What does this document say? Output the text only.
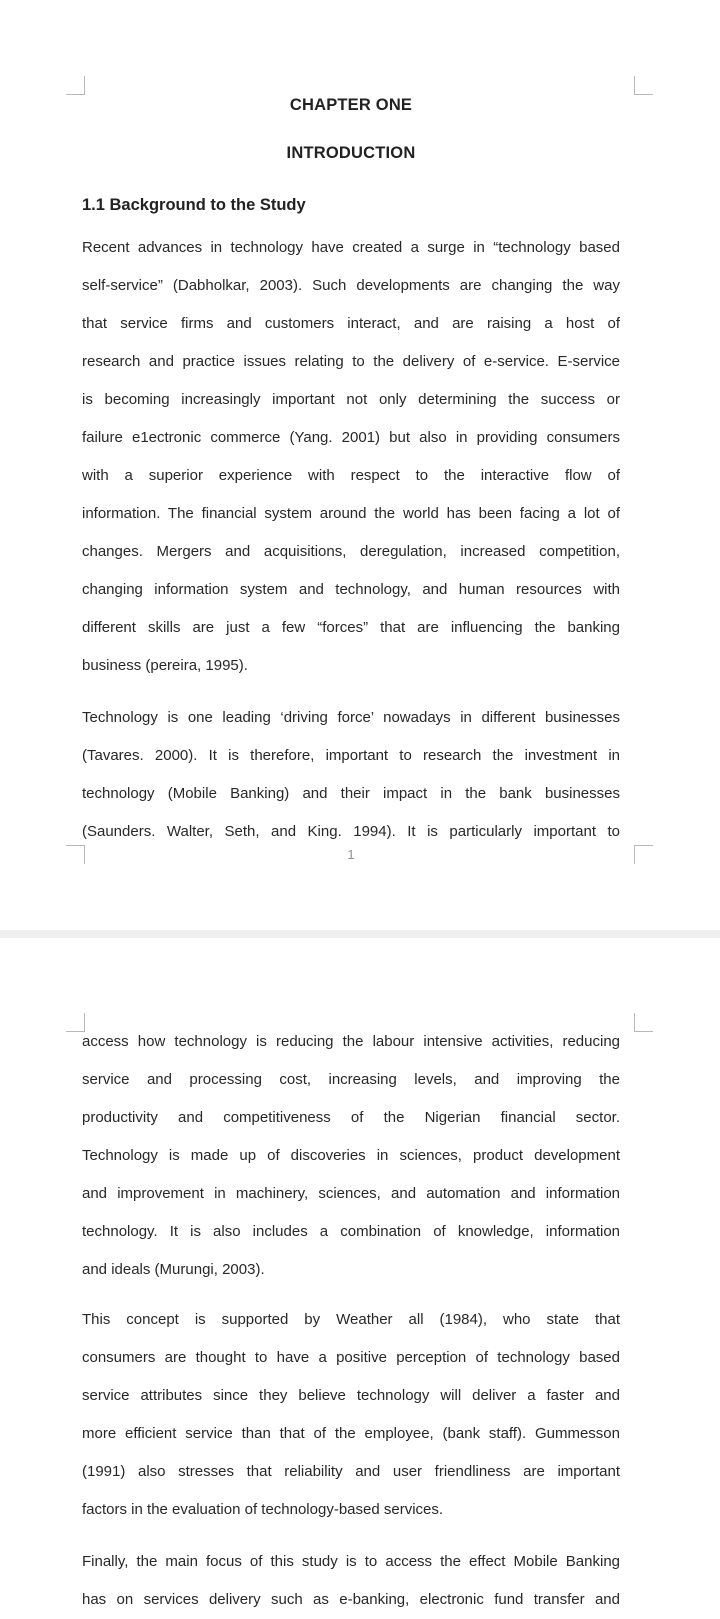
CHAPTER ONE
INTRODUCTION
1.1 Background to the Study
Recent advances in technology have created a surge in “technology based
self-service” (Dabholkar, 2003). Such developments are changing the way
that service firms and customers interact, and are raising a host of
research and practice issues relating to the delivery of e-service. E-service
is becoming increasingly important not only determining the success or
failure e1ectronic commerce (Yang. 2001) but also in providing consumers
with a superior experience with respect to the interactive flow of
information. The financial system around the world has been facing a lot of
changes. Mergers and acquisitions, deregulation, increased competition,
changing information system and technology, and human resources with
different skills are just a few “forces” that are influencing the banking
business (pereira, 1995).
Technology is one leading ‘driving force’ nowadays in different businesses
(Tavares. 2000). It is therefore, important to research the investment in
technology (Mobile Banking) and their impact in the bank businesses
(Saunders. Walter, Seth, and King. 1994). It is particularly important to
1
access how technology is reducing the labour intensive activities, reducing
service and processing cost, increasing levels, and improving the
productivity and competitiveness of the Nigerian financial sector.
Technology is made up of discoveries in sciences, product development
and improvement in machinery, sciences, and automation and information
technology. It is also includes a combination of knowledge, information
and ideals (Murungi, 2003).
This concept is supported by Weather all (1984), who state that
consumers are thought to have a positive perception of technology based
service attributes since they believe technology will deliver a faster and
more efficient service than that of the employee, (bank staff). Gummesson
(1991) also stresses that reliability and user friendliness are important
factors in the evaluation of technology-based services.
Finally, the main focus of this study is to access the effect Mobile Banking
has on services delivery such as e-banking, electronic fund transfer and
